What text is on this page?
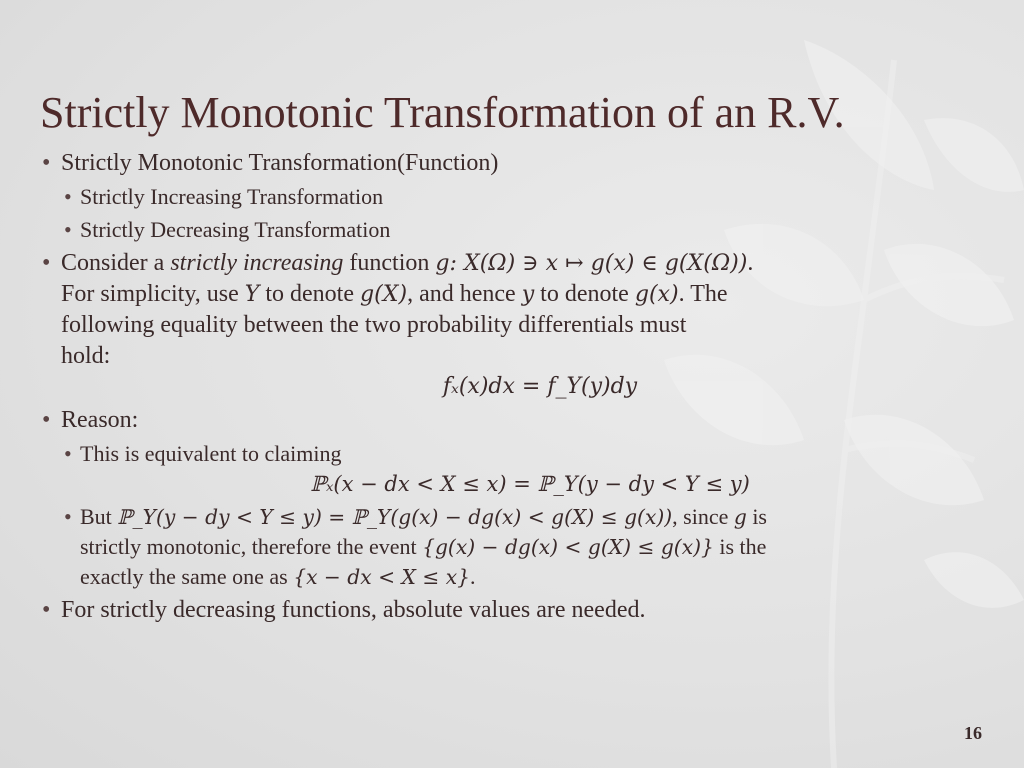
Strictly Monotonic Transformation of an R.V.

• Strictly Monotonic Transformation(Function)

• Strictly Increasing Transformation

• Strictly Decreasing Transformation

• Consider a strictly increasing function g: X(Ω) ∋ x ↦ g(x) ∈ g(X(Ω)).
For simplicity, use Y to denote g(X), and hence y to denote g(x). The
following equality between the two probability differentials must
hold:

fₓ(x)dx = f_Y(y)dy

• Reason:

• This is equivalent to claiming

ℙₓ(x − dx < X ≤ x) = ℙ_Y(y − dy < Y ≤ y)

• But ℙ_Y(y − dy < Y ≤ y) = ℙ_Y(g(x) − dg(x) < g(X) ≤ g(x)), since g is
strictly monotonic, therefore the event {g(x) − dg(x) < g(X) ≤ g(x)} is the
exactly the same one as {x − dx < X ≤ x}.

• For strictly decreasing functions, absolute values are needed.

16
